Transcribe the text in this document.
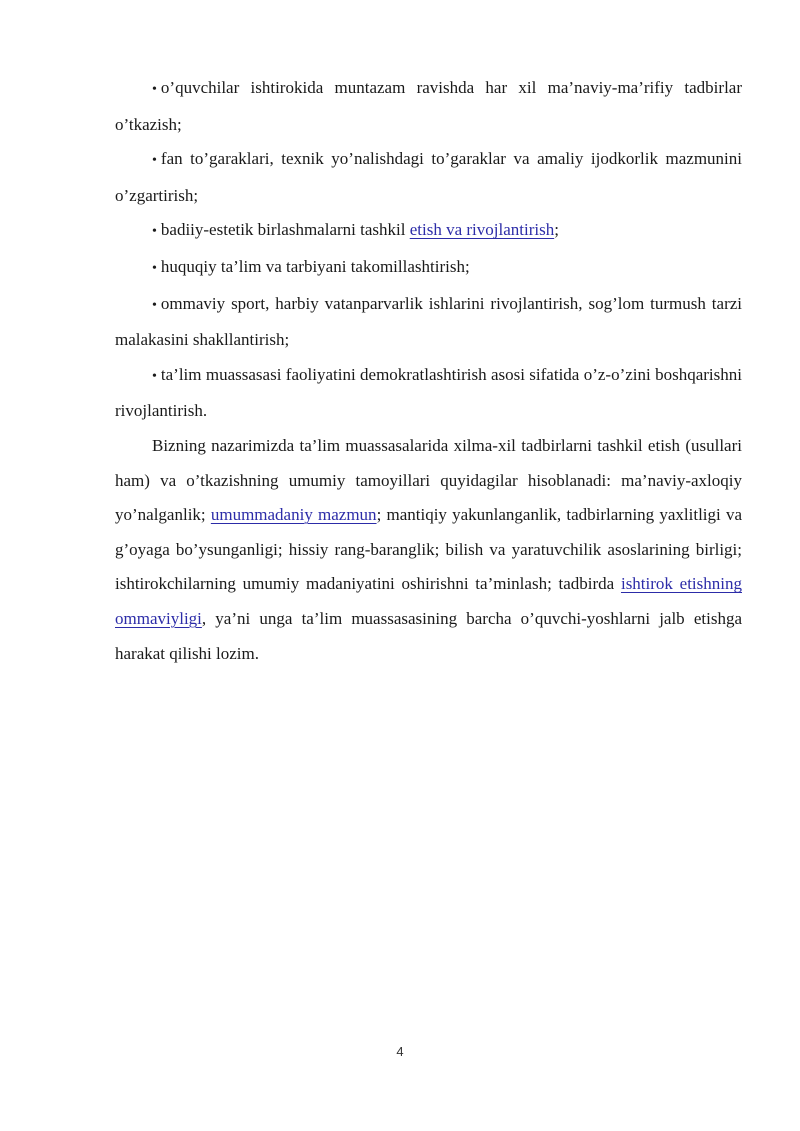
• o’quvchilar ishtirokida muntazam ravishda har xil ma’naviy-ma’rifiy tadbirlar o’tkazish;

• fan to’garaklari, texnik yo’nalishdagi to’garaklar va amaliy ijodkorlik mazmunini o’zgartirish;

• badiiy-estetik birlashmalarni tashkil etish va rivojlantirish;

• huquqiy ta’lim va tarbiyani takomillashtirish;

• ommaviy sport, harbiy vatanparvarlik ishlarini rivojlantirish, sog’lom turmush tarzi malakasini shakllantirish;

• ta’lim muassasasi faoliyatini demokratlashtirish asosi sifatida o’z-o’zini boshqarishni rivojlantirish.

Bizning nazarimizda ta’lim muassasalarida xilma-xil tadbirlarni tashkil etish (usullari ham) va o’tkazishning umumiy tamoyillari quyidagilar hisoblanadi: ma’naviy-axloqiy yo’nalganlik; umummadaniy mazmun; mantiqiy yakunlanganlik, tadbirlarning yaxlitligi va g’oyaga bo’ysunganligi; hissiy rang-baranglik; bilish va yaratuvchilik asoslarining birligi; ishtirokchilarning umumiy madaniyatini oshirishni ta’minlash; tadbirda ishtirok etishning ommaviyligi, ya’ni unga ta’lim muassasasining barcha o’quvchi-yoshlarni jalb etishga harakat qilishi lozim.

4
